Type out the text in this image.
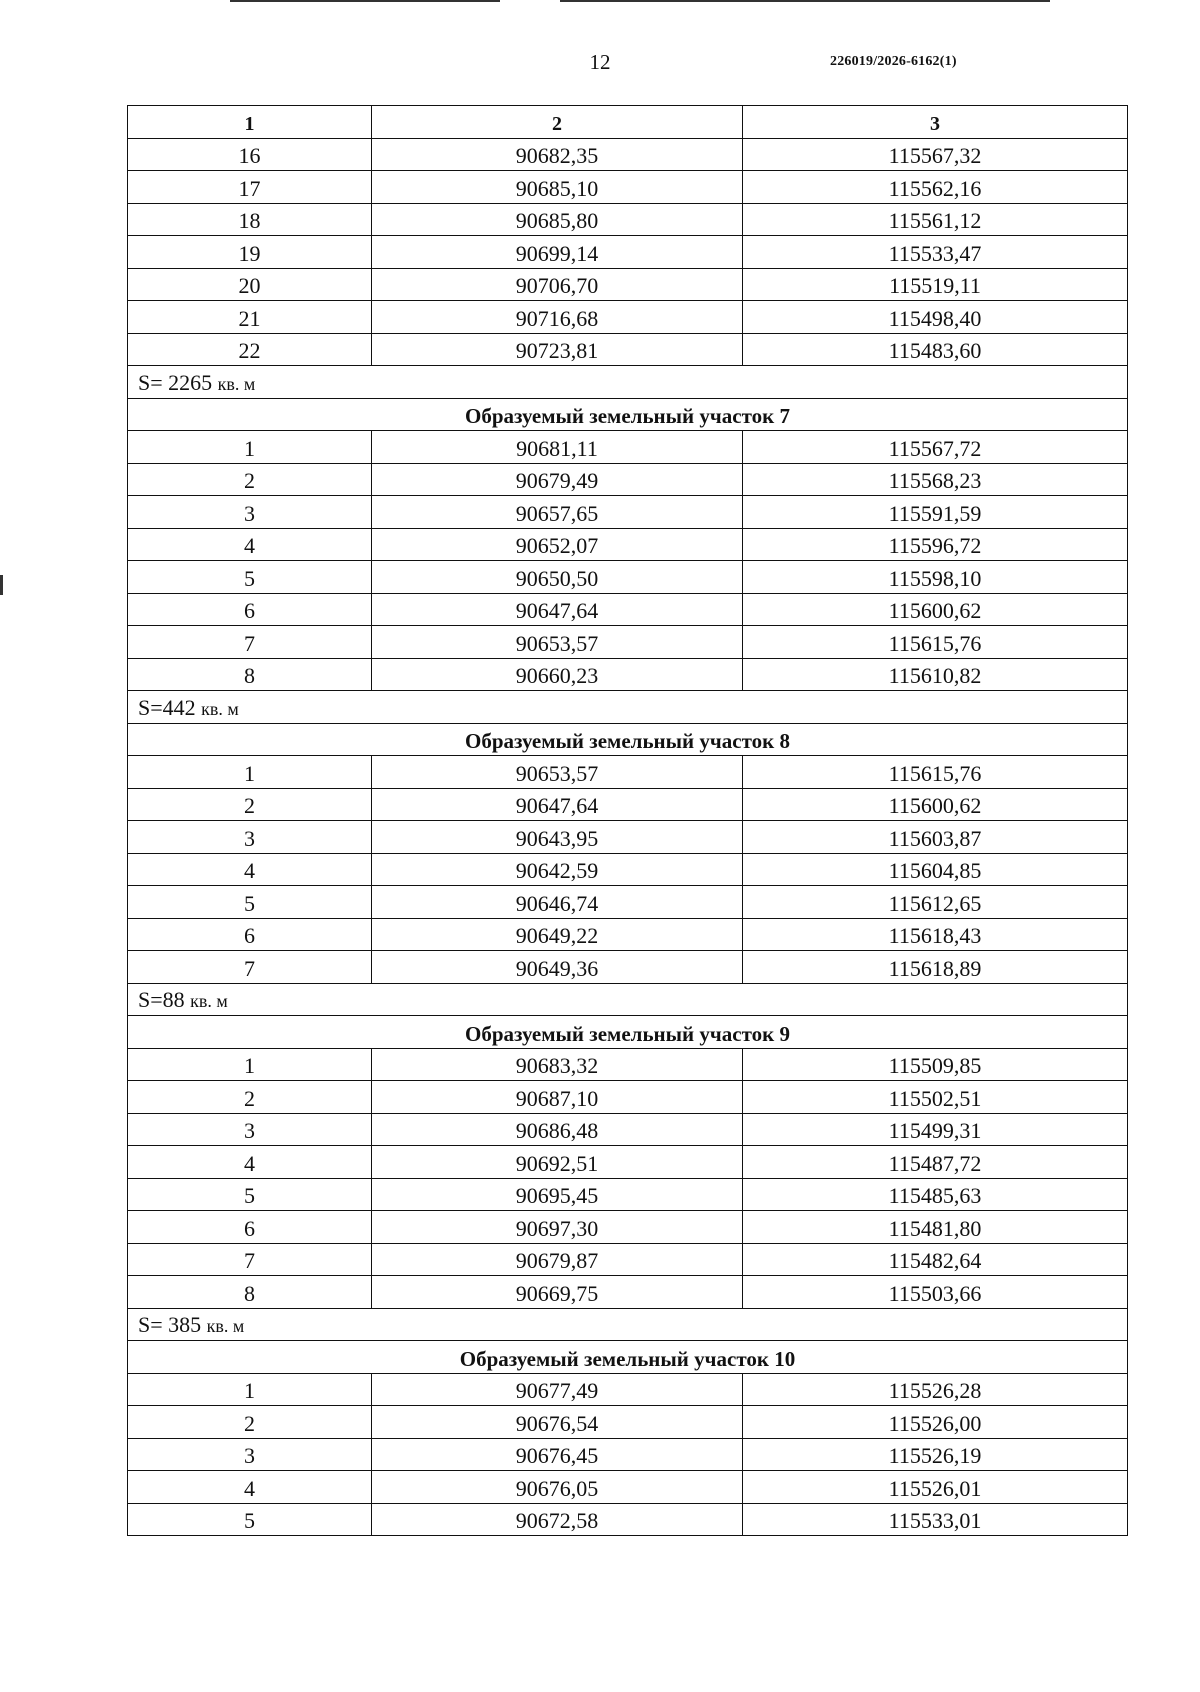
12	226019/2026-6162(1)
1	2	3
16	90682,35	115567,32
17	90685,10	115562,16
18	90685,80	115561,12
19	90699,14	115533,47
20	90706,70	115519,11
21	90716,68	115498,40
22	90723,81	115483,60
S= 2265 кв. м		
Образуемый земельный участок 7		
1	90681,11	115567,72
2	90679,49	115568,23
3	90657,65	115591,59
4	90652,07	115596,72
5	90650,50	115598,10
6	90647,64	115600,62
7	90653,57	115615,76
8	90660,23	115610,82
S=442 кв. м		
Образуемый земельный участок 8		
1	90653,57	115615,76
2	90647,64	115600,62
3	90643,95	115603,87
4	90642,59	115604,85
5	90646,74	115612,65
6	90649,22	115618,43
7	90649,36	115618,89
S=88 кв. м		
Образуемый земельный участок 9		
1	90683,32	115509,85
2	90687,10	115502,51
3	90686,48	115499,31
4	90692,51	115487,72
5	90695,45	115485,63
6	90697,30	115481,80
7	90679,87	115482,64
8	90669,75	115503,66
S= 385 кв. м		
Образуемый земельный участок 10		
1	90677,49	115526,28
2	90676,54	115526,00
3	90676,45	115526,19
4	90676,05	115526,01
5	90672,58	115533,01
